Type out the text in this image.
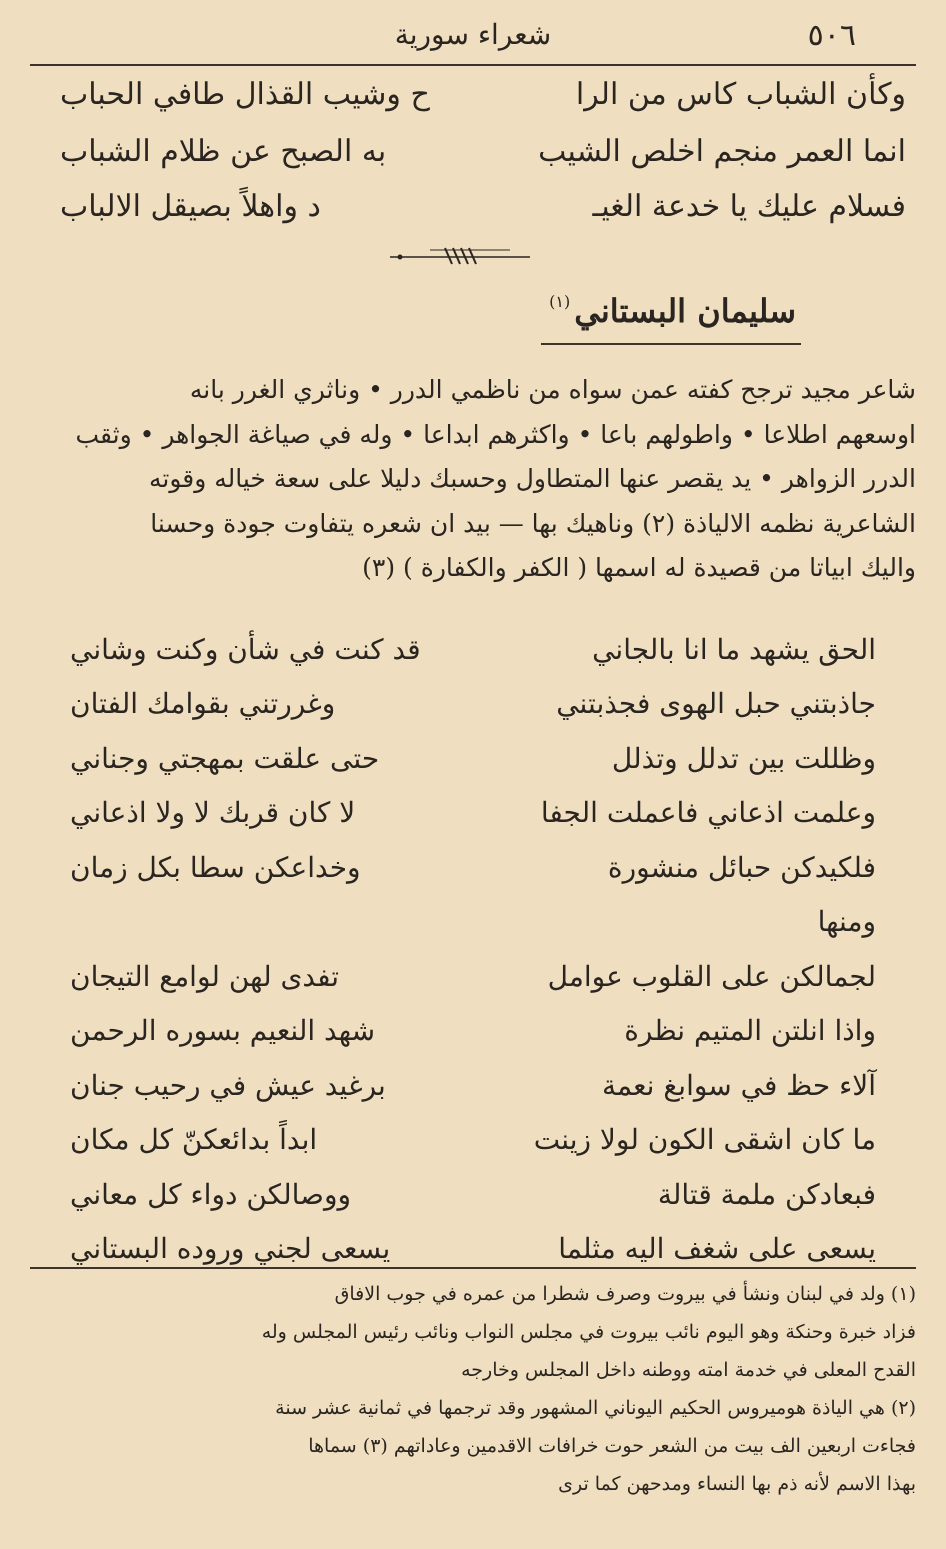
٥٠٦
شعراء سورية
وكأن الشباب كاس من الرا
ح وشيب القذال طافي الحباب
انما العمر منجم اخلص الشيب
به الصبح عن ظلام الشباب
فسلام عليك يا خدعة الغيـ
د واهلاً بصيقل الالباب
سليمان البستاني$^{(١)}$

شاعر مجيد ترجح كفته عمن سواه من ناظمي الدرر • وناثري الغرر بانه

اوسعهم اطلاعا • واطولهم باعا • واكثرهم ابداعا • وله في صياغة الجواهر • وثقب

الدرر الزواهر • يد يقصر عنها المتطاول وحسبك دليلا على سعة خياله وقوته

الشاعرية نظمه الالياذة (٢) وناهيك بها — بيد ان شعره يتفاوت جودة وحسنا

واليك ابياتا من قصيدة له اسمها ( الكفر والكفارة ) (٣)

الحق يشهد ما انا بالجاني
قد كنت في شأن وكنت وشاني
جاذبتني حبل الهوى فجذبتني
وغررتني بقوامك الفتان
وظللت بين تدلل وتذلل
حتى علقت بمهجتي وجناني
وعلمت اذعاني فاعملت الجفا
لا كان قربك لا ولا اذعاني
فلكيدكن حبائل منشورة
وخداعكن سطا بكل زمان
ومنها
لجمالكن على القلوب عوامل
تفدى لهن لوامع التيجان
واذا انلتن المتيم نظرة
شهد النعيم بسوره الرحمن
آلاء حظ في سوابغ نعمة
برغيد عيش في رحيب جنان
ما كان اشقى الكون لولا زينت
ابداً بدائعكنّ كل مكان
فبعادكن ملمة قتالة
ووصالكن دواء كل معاني
يسعى على شغف اليه مثلما
يسعى لجني وروده البستاني

(١) ولد في لبنان ونشأ في بيروت وصرف شطرا من عمره في جوب الافاق

فزاد خبرة وحنكة وهو اليوم نائب بيروت في مجلس النواب ونائب رئيس المجلس وله

القدح المعلى في خدمة امته ووطنه داخل المجلس وخارجه

(٢) هي الياذة هوميروس الحكيم اليوناني المشهور وقد ترجمها في ثمانية عشر سنة

فجاءت اربعين الف بيت من الشعر حوت خرافات الاقدمين وعاداتهم (٣) سماها

بهذا الاسم لأنه ذم بها النساء ومدحهن كما ترى
